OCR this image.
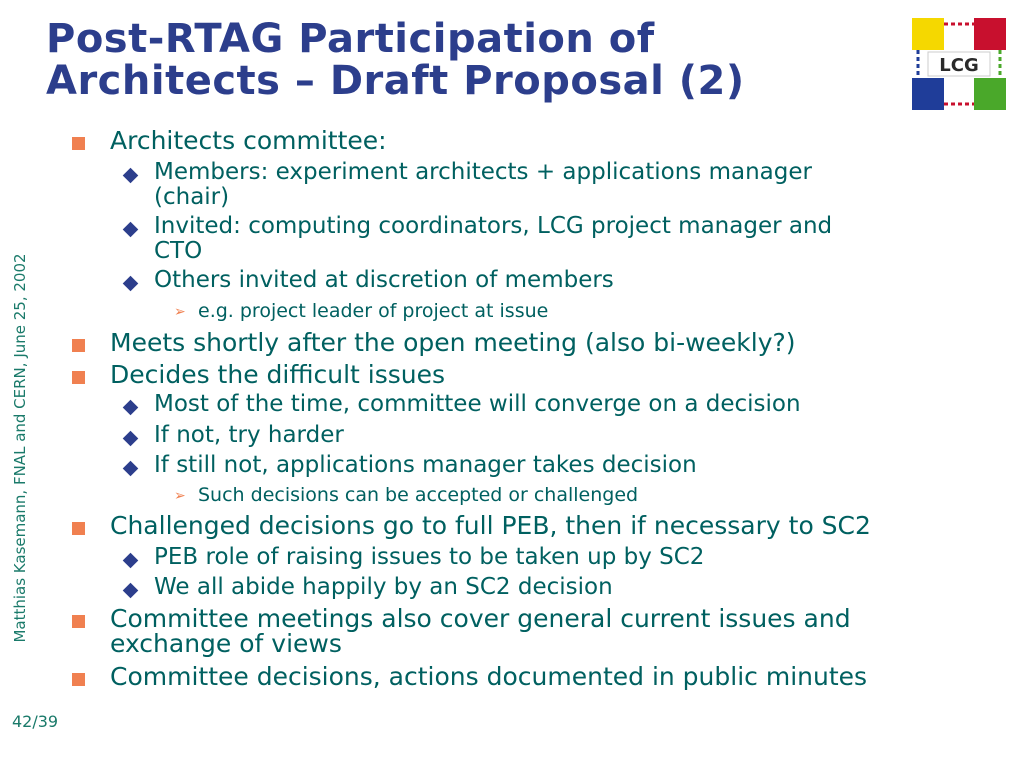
Post-RTAG Participation of
Architects – Draft Proposal (2)	LCG
Matthias Kasemann, FNAL and CERN, June 25, 2002
42/39
Architects committee:
Members: experiment architects + applications manager
(chair)
Invited: computing coordinators, LCG project manager and
CTO
Others invited at discretion of members
➢ e.g. project leader of project at issue
Meets shortly after the open meeting (also bi-weekly?)
Decides the difficult issues
Most of the time, committee will converge on a decision
If not, try harder
If still not, applications manager takes decision
➢ Such decisions can be accepted or challenged
Challenged decisions go to full PEB, then if necessary to SC2
PEB role of raising issues to be taken up by SC2
We all abide happily by an SC2 decision
Committee meetings also cover general current issues and
exchange of views
Committee decisions, actions documented in public minutes
